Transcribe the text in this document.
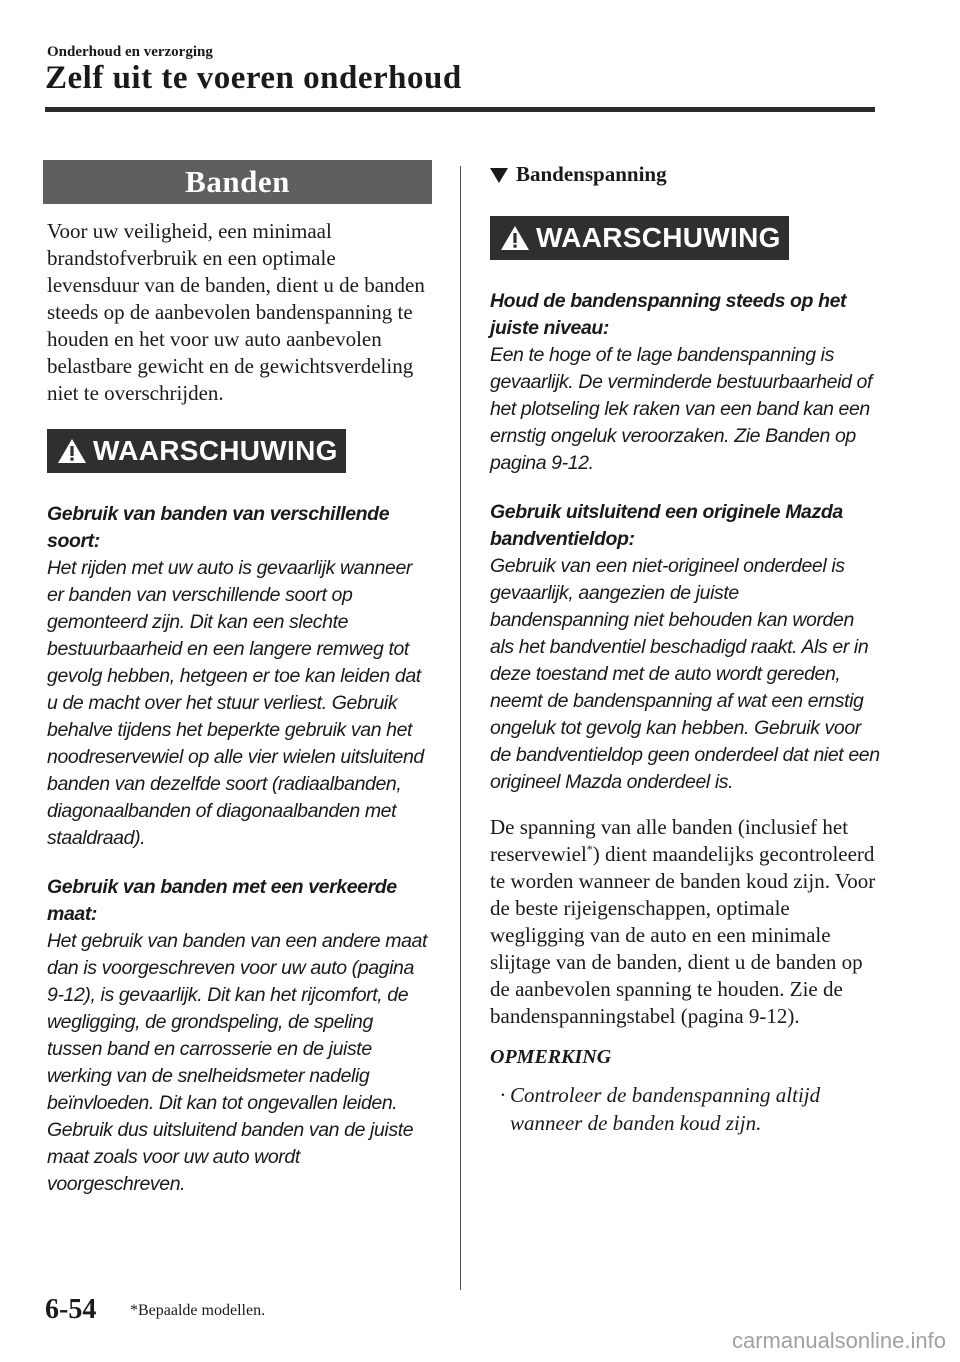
Onderhoud en verzorging
Zelf uit te voeren onderhoud
Banden

Voor uw veiligheid, een minimaal brandstofverbruik en een optimale levensduur van de banden, dient u de banden steeds op de aanbevolen bandenspanning te houden en het voor uw auto aanbevolen belastbare gewicht en de gewichtsverdeling niet te overschrijden.

WAARSCHUWING

Gebruik van banden van verschillende soort:

Het rijden met uw auto is gevaarlijk wanneer er banden van verschillende soort op gemonteerd zijn. Dit kan een slechte bestuurbaarheid en een langere remweg tot gevolg hebben, hetgeen er toe kan leiden dat u de macht over het stuur verliest. Gebruik behalve tijdens het beperkte gebruik van het noodreservewiel op alle vier wielen uitsluitend banden van dezelfde soort (radiaalbanden, diagonaalbanden of diagonaalbanden met staaldraad).

Gebruik van banden met een verkeerde maat:

Het gebruik van banden van een andere maat dan is voorgeschreven voor uw auto (pagina 9-12), is gevaarlijk. Dit kan het rijcomfort, de wegligging, de grondspeling, de speling tussen band en carrosserie en de juiste werking van de snelheidsmeter nadelig beïnvloeden. Dit kan tot ongevallen leiden. Gebruik dus uitsluitend banden van de juiste maat zoals voor uw auto wordt voorgeschreven.

Bandenspanning

WAARSCHUWING

Houd de bandenspanning steeds op het juiste niveau:

Een te hoge of te lage bandenspanning is gevaarlijk. De verminderde bestuurbaarheid of het plotseling lek raken van een band kan een ernstig ongeluk veroorzaken. Zie Banden op pagina 9-12.

Gebruik uitsluitend een originele Mazda bandventieldop:

Gebruik van een niet-origineel onderdeel is gevaarlijk, aangezien de juiste bandenspanning niet behouden kan worden als het bandventiel beschadigd raakt. Als er in deze toestand met de auto wordt gereden, neemt de bandenspanning af wat een ernstig ongeluk tot gevolg kan hebben. Gebruik voor de bandventieldop geen onderdeel dat niet een origineel Mazda onderdeel is.

De spanning van alle banden (inclusief het reservewiel*) dient maandelijks gecontroleerd te worden wanneer de banden koud zijn. Voor de beste rijeigenschappen, optimale wegligging van de auto en een minimale slijtage van de banden, dient u de banden op de aanbevolen spanning te houden. Zie de bandenspanningstabel (pagina 9-12).

OPMERKING

· Controleer de bandenspanning altijd wanneer de banden koud zijn.

6-54 *Bepaalde modellen.
carmanualsonline.info
